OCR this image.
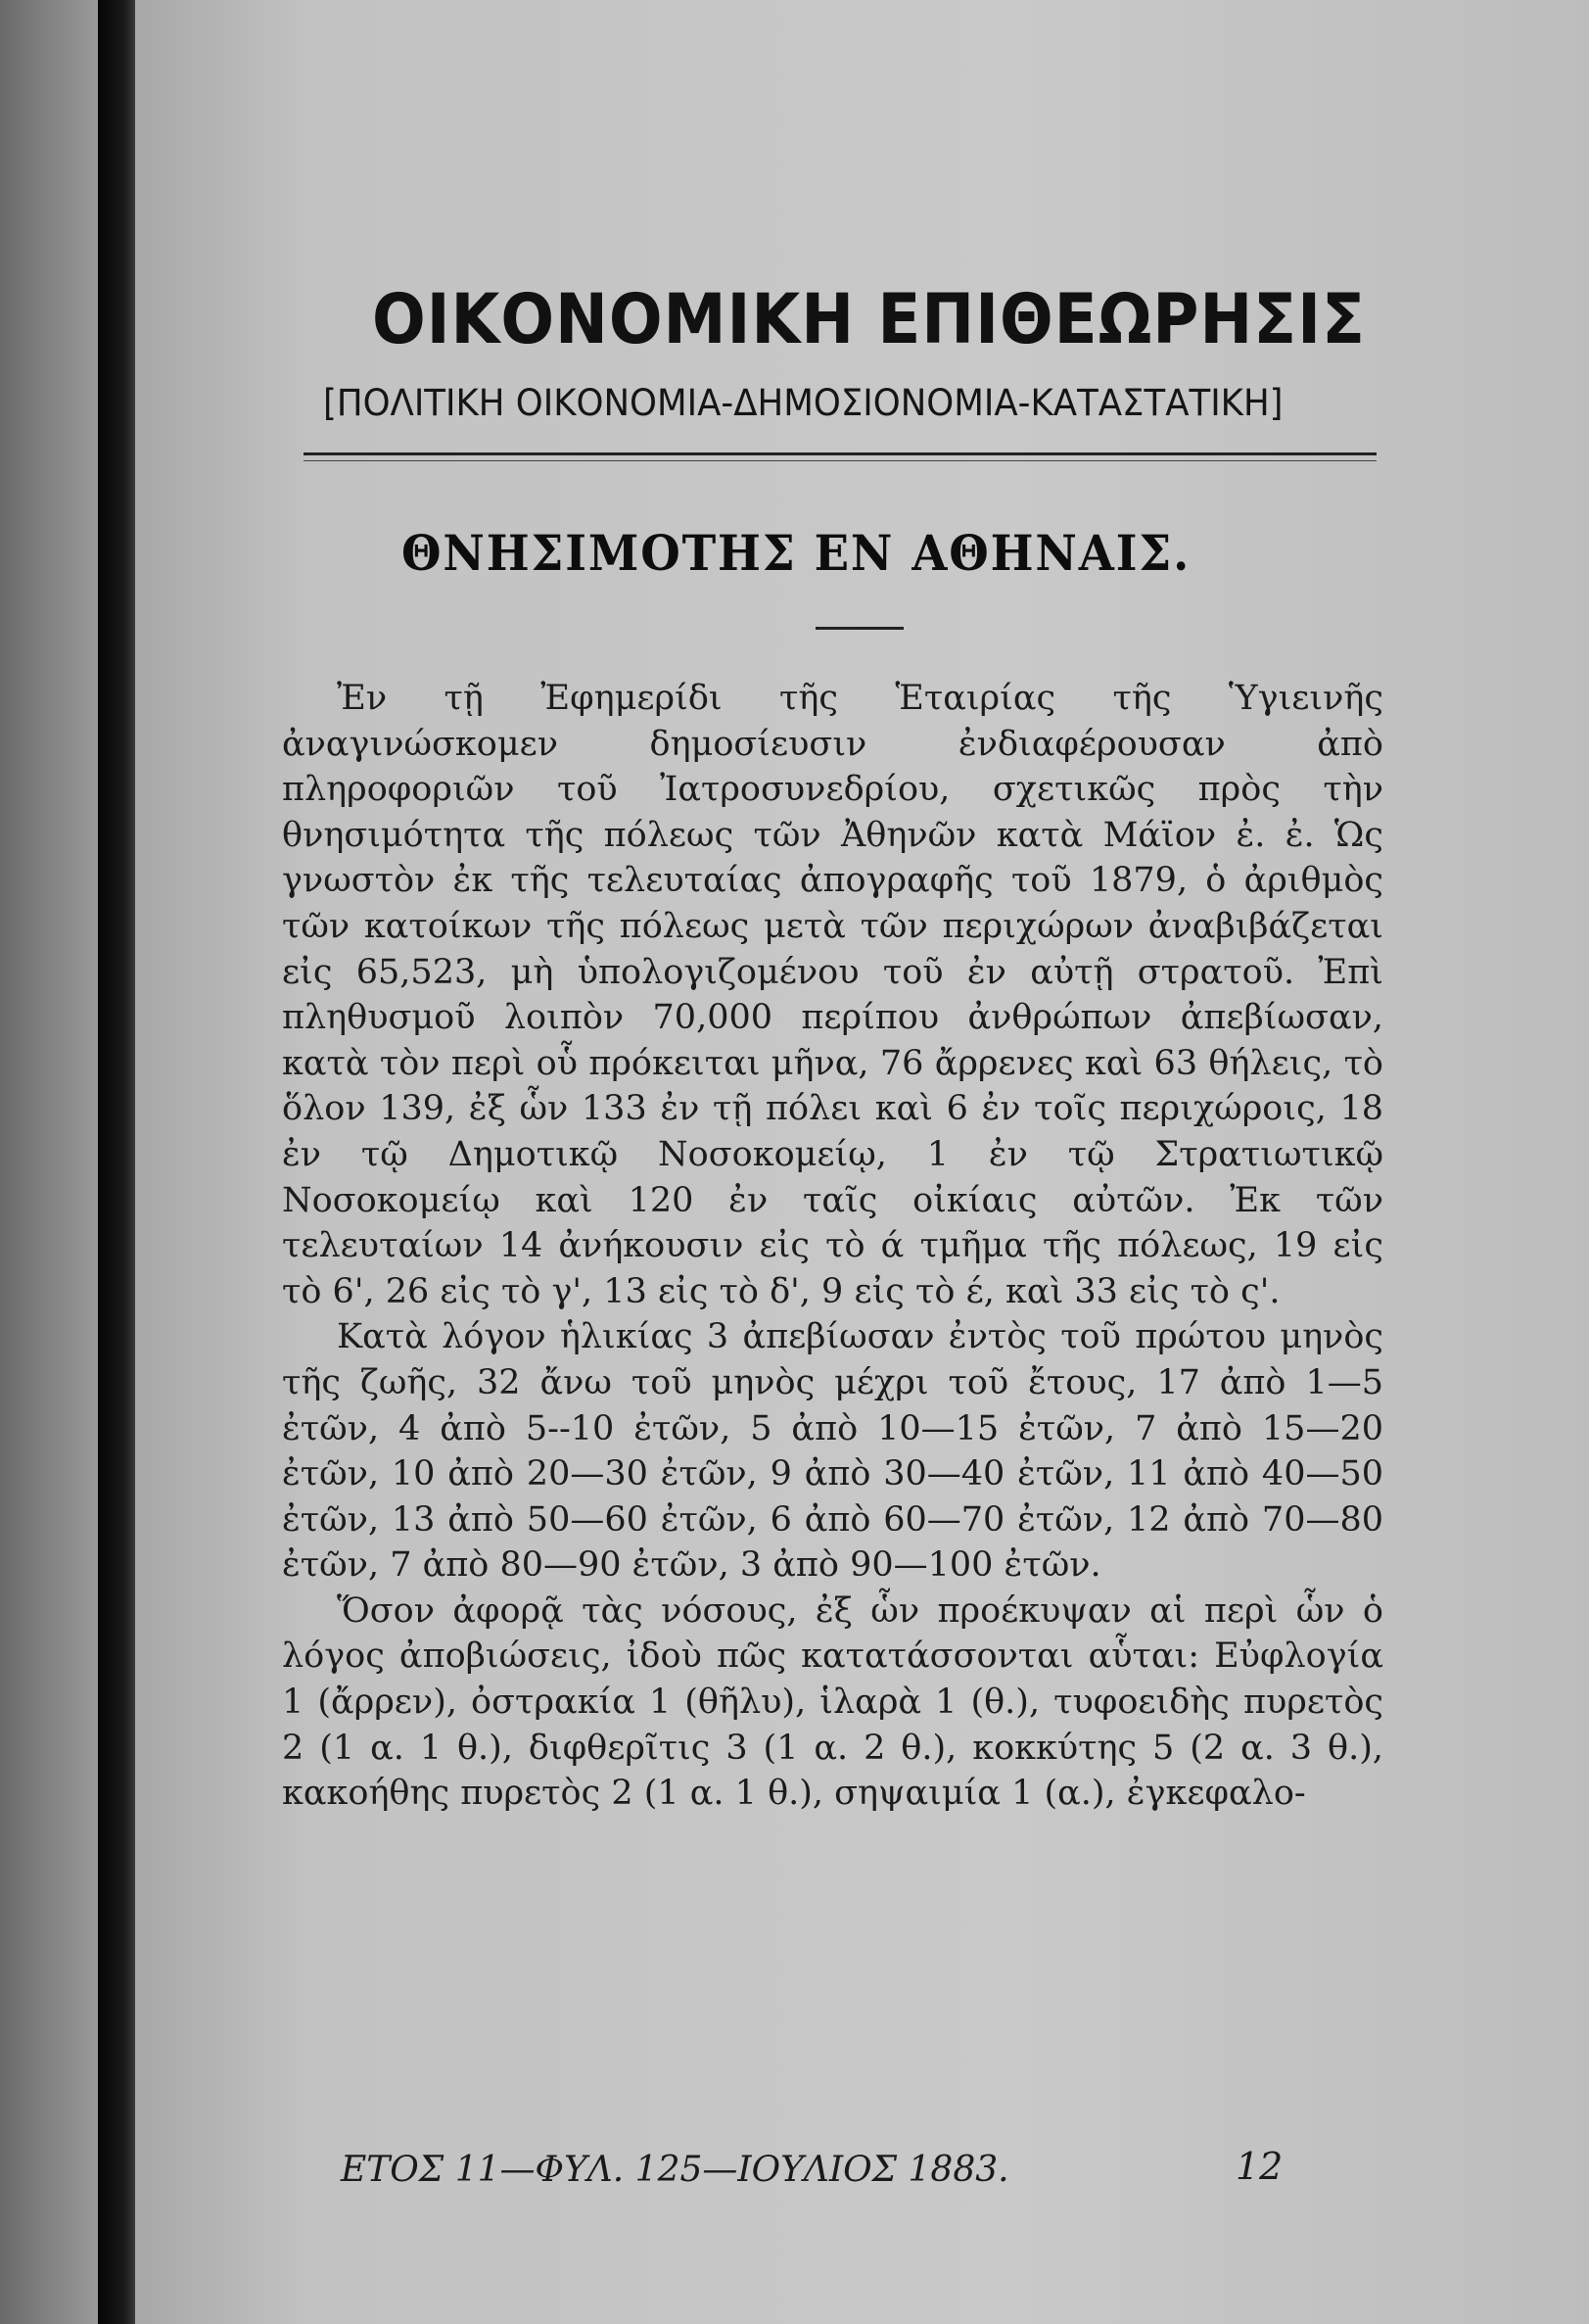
ΟΙΚΟΝΟΜΙΚΗ ΕΠΙΘΕΩΡΗΣΙΣ
[ΠΟΛΙΤΙΚΗ ΟΙΚΟΝΟΜΙΑ-ΔΗΜΟΣΙΟΝΟΜΙΑ-ΚΑΤΑΣΤΑΤΙΚΗ]
ΘΝΗΣΙΜΟΤΗΣ ΕΝ ΑΘΗΝΑΙΣ.

Ἐν τῇ Ἐφημερίδι τῆς Ἑταιρίας τῆς Ὑγιεινῆς ἀναγινώσκομεν δημοσίευσιν ἐνδιαφέρουσαν ἀπὸ πληροφοριῶν τοῦ Ἰατροσυνεδρίου, σχετικῶς πρὸς τὴν θνησιμότητα τῆς πόλεως τῶν Ἀθηνῶν κατὰ Μάϊον ἐ. ἐ. Ὡς γνωστὸν ἐκ τῆς τελευταίας ἀπογραφῆς τοῦ 1879, ὁ ἀριθμὸς τῶν κατοίκων τῆς πόλεως μετὰ τῶν περιχώρων ἀναβιβάζεται εἰς 65,523, μὴ ὑπολογιζομένου τοῦ ἐν αὐτῇ στρατοῦ. Ἐπὶ πληθυσμοῦ λοιπὸν 70,000 περίπου ἀνθρώπων ἀπεβίωσαν, κατὰ τὸν περὶ οὗ πρόκειται μῆνα, 76 ἄρρενες καὶ 63 θήλεις, τὸ ὅλον 139, ἐξ ὧν 133 ἐν τῇ πόλει καὶ 6 ἐν τοῖς περιχώροις, 18 ἐν τῷ Δημοτικῷ Νοσοκομείῳ, 1 ἐν τῷ Στρατιωτικῷ Νοσοκομείῳ καὶ 120 ἐν ταῖς οἰκίαις αὐτῶν. Ἐκ τῶν τελευταίων 14 ἀνήκουσιν εἰς τὸ ά τμῆμα τῆς πόλεως, 19 εἰς τὸ 6', 26 εἰς τὸ γ', 13 εἰς τὸ δ', 9 εἰς τὸ έ, καὶ 33 εἰς τὸ ς'.

Κατὰ λόγον ἡλικίας 3 ἀπεβίωσαν ἐντὸς τοῦ πρώτου μηνὸς τῆς ζωῆς, 32 ἄνω τοῦ μηνὸς μέχρι τοῦ ἔτους, 17 ἀπὸ 1—5 ἐτῶν, 4 ἀπὸ 5--10 ἐτῶν, 5 ἀπὸ 10—15 ἐτῶν, 7 ἀπὸ 15—20 ἐτῶν, 10 ἀπὸ 20—30 ἐτῶν, 9 ἀπὸ 30—40 ἐτῶν, 11 ἀπὸ 40—50 ἐτῶν, 13 ἀπὸ 50—60 ἐτῶν, 6 ἀπὸ 60—70 ἐτῶν, 12 ἀπὸ 70—80 ἐτῶν, 7 ἀπὸ 80—90 ἐτῶν, 3 ἀπὸ 90—100 ἐτῶν.

Ὅσον ἀφορᾷ τὰς νόσους, ἐξ ὧν προέκυψαν αἱ περὶ ὧν ὁ λόγος ἀποβιώσεις, ἰδοὺ πῶς κατατάσσονται αὗται: Εὐφλογία 1 (ἄρρεν), ὀστρακία 1 (θῆλυ), ἱλαρὰ 1 (θ.), τυφοειδὴς πυρετὸς 2 (1 α. 1 θ.), διφθερῖτις 3 (1 α. 2 θ.), κοκκύτης 5 (2 α. 3 θ.), κακοήθης πυρετὸς 2 (1 α. 1 θ.), σηψαιμία 1 (α.), ἐγκεφαλο-

ΕΤΟΣ 11—ΦΥΛ. 125—ΙΟΥΛΙΟΣ 1883.	12
